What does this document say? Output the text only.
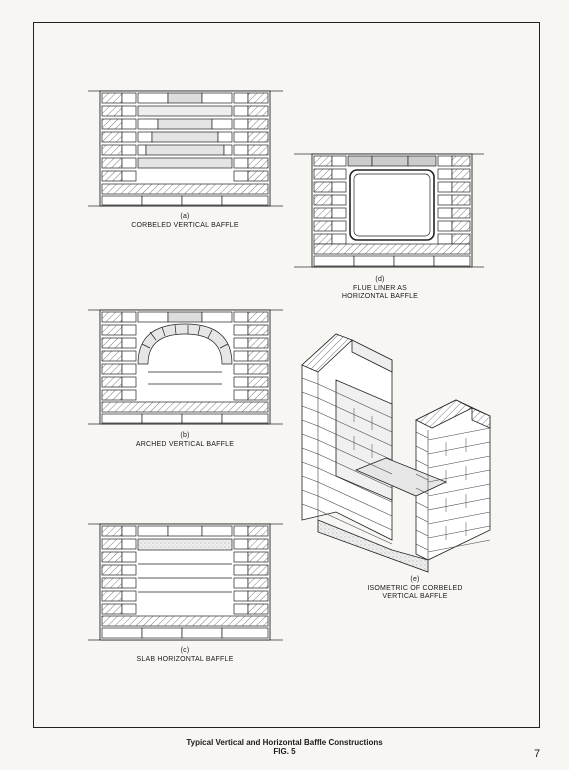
(a)
CORBELED VERTICAL BAFFLE
(d)
FLUE LINER AS
HORIZONTAL BAFFLE
(b)
ARCHED VERTICAL BAFFLE
(c)
SLAB HORIZONTAL BAFFLE
(e)
ISOMETRIC OF CORBELED
VERTICAL BAFFLE
Typical Vertical and Horizontal Baffle Constructions
FIG. 5	7
